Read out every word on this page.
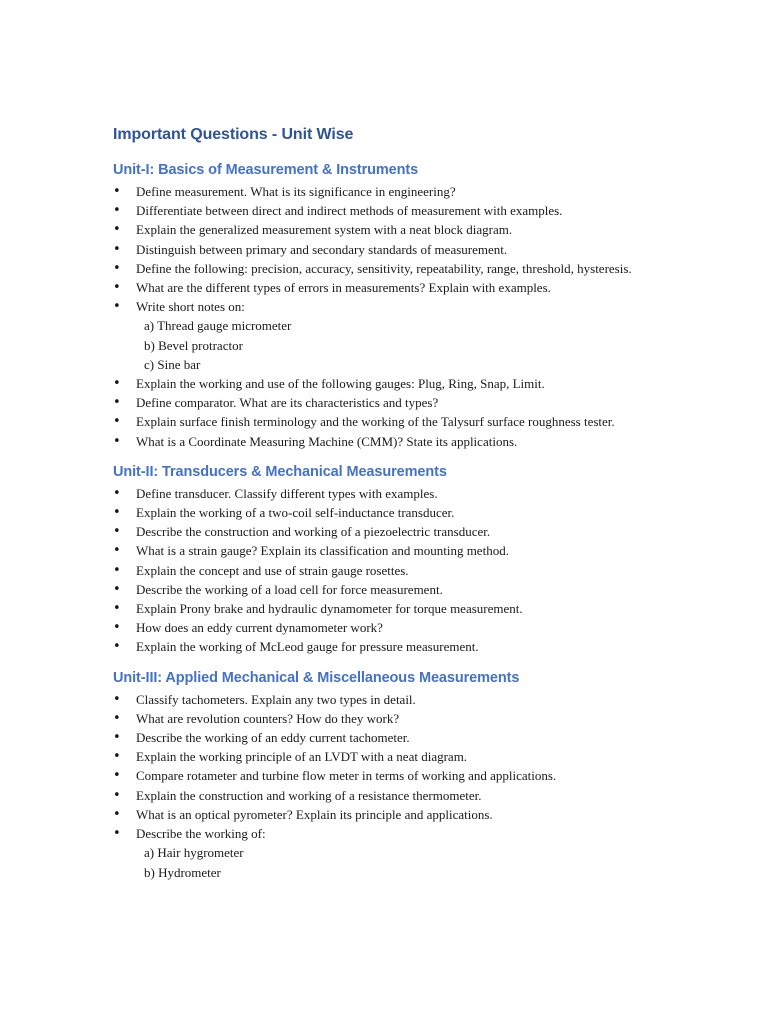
Important Questions - Unit Wise
Unit-I: Basics of Measurement & Instruments
• Define measurement. What is its significance in engineering?
• Differentiate between direct and indirect methods of measurement with examples.
• Explain the generalized measurement system with a neat block diagram.
• Distinguish between primary and secondary standards of measurement.
• Define the following: precision, accuracy, sensitivity, repeatability, range, threshold, hysteresis.
• What are the different types of errors in measurements? Explain with examples.
• Write short notes on:
a) Thread gauge micrometer
b) Bevel protractor
c) Sine bar
• Explain the working and use of the following gauges: Plug, Ring, Snap, Limit.
• Define comparator. What are its characteristics and types?
• Explain surface finish terminology and the working of the Talysurf surface roughness tester.
• What is a Coordinate Measuring Machine (CMM)? State its applications.
Unit-II: Transducers & Mechanical Measurements
• Define transducer. Classify different types with examples.
• Explain the working of a two-coil self-inductance transducer.
• Describe the construction and working of a piezoelectric transducer.
• What is a strain gauge? Explain its classification and mounting method.
• Explain the concept and use of strain gauge rosettes.
• Describe the working of a load cell for force measurement.
• Explain Prony brake and hydraulic dynamometer for torque measurement.
• How does an eddy current dynamometer work?
• Explain the working of McLeod gauge for pressure measurement.
Unit-III: Applied Mechanical & Miscellaneous Measurements
• Classify tachometers. Explain any two types in detail.
• What are revolution counters? How do they work?
• Describe the working of an eddy current tachometer.
• Explain the working principle of an LVDT with a neat diagram.
• Compare rotameter and turbine flow meter in terms of working and applications.
• Explain the construction and working of a resistance thermometer.
• What is an optical pyrometer? Explain its principle and applications.
• Describe the working of:
a) Hair hygrometer
b) Hydrometer
